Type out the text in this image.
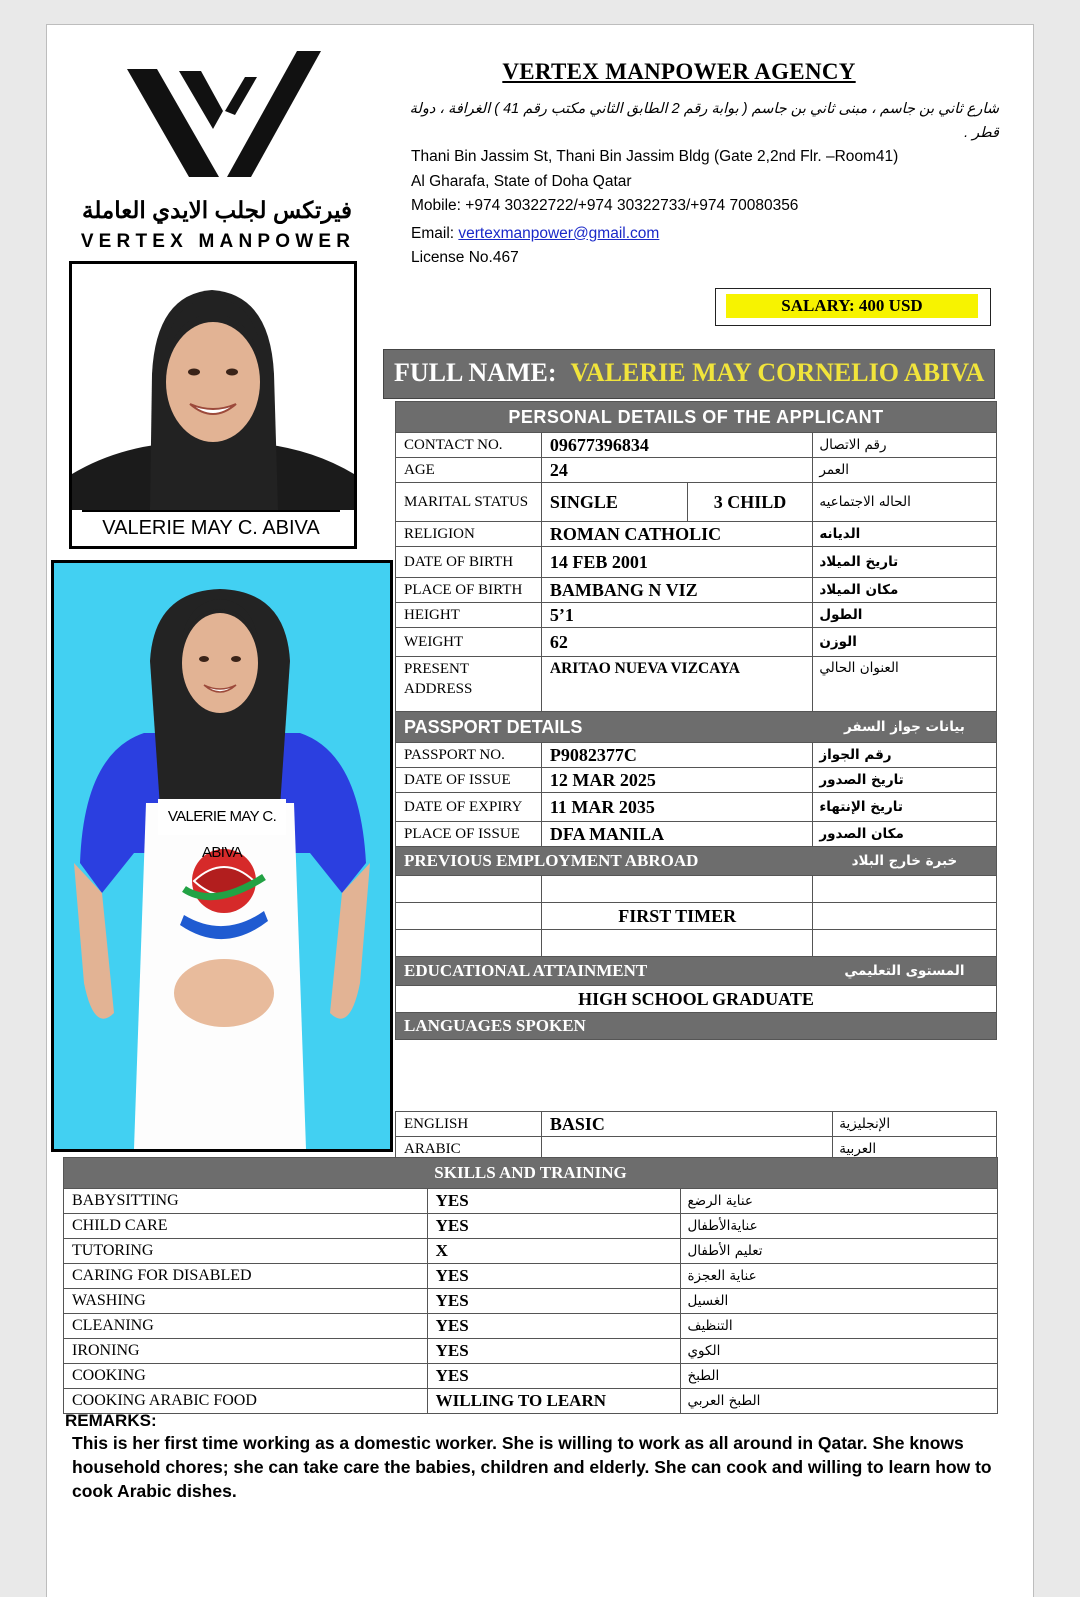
فيرتكس لجلب الايدي العاملة
VERTEX MANPOWER
VERTEX MANPOWER AGENCY
شارع ثاني بن جاسم ، مبنى ثاني بن جاسم ( بوابة رقم 2 الطابق الثاني مكتب رقم 41 ) الغرافة ، دولة قطر .
Thani Bin Jassim St, Thani Bin Jassim Bldg (Gate 2,2nd Flr. –Room41)
Al Gharafa, State of Doha Qatar
Mobile: +974 30322722/+974 30322733/+974 70080356
Email: vertexmanpower@gmail.com
License No.467
SALARY: 400 USD
FULL NAME: VALERIE MAY CORNELIO ABIVA
VALERIE MAY C. ABIVA
VALERIE MAY C. ABIVA
PERSONAL DETAILS OF THE APPLICANT			
CONTACT NO.	09677396834		رقم الاتصال
AGE	24		العمر
MARITAL STATUS	SINGLE	3 CHILD	الحاله الاجتماعيه
RELIGION	ROMAN CATHOLIC		الديانه
DATE OF BIRTH	14 FEB 2001		تاريخ الميلاد
PLACE OF BIRTH	BAMBANG N VIZ		مكان الميلاد
HEIGHT	5’1		الطول
WEIGHT	62		الوزن
PRESENT ADDRESS	ARITAO NUEVA VIZCAYA		العنوان الحالي
PASSPORT DETAILS			بيانات جواز السفر
PASSPORT NO.	P9082377C		رقم الجواز
DATE OF ISSUE	12 MAR 2025		تاريخ الصدور
DATE OF EXPIRY	11 MAR 2035		تاريخ الإنتهاء
PLACE OF ISSUE	DFA MANILA		مكان الصدور
PREVIOUS EMPLOYMENT ABROAD			خبرة خارج البلاد

	FIRST TIMER		

EDUCATIONAL ATTAINMENT			المستوى التعليمي
HIGH SCHOOL GRADUATE			
LANGUAGES SPOKEN			
ENGLISH	BASIC	الإنجليزية
ARABIC		العربية
SKILLS AND TRAINING		
BABYSITTING	YES	عناية الرضع
CHILD CARE	YES	عنايةالأطفال
TUTORING	X	تعليم الأطفال
CARING FOR DISABLED	YES	عناية العجزة
WASHING	YES	الغسيل
CLEANING	YES	التنظيف
IRONING	YES	الكوي
COOKING	YES	الطبخ
COOKING ARABIC FOOD	WILLING TO LEARN	الطبخ العربي
REMARKS:
This is her first time working as a domestic worker. She is willing to work as all around in Qatar. She knows household chores; she can take care the babies, children and elderly. She can cook and willing to learn how to cook Arabic dishes.
